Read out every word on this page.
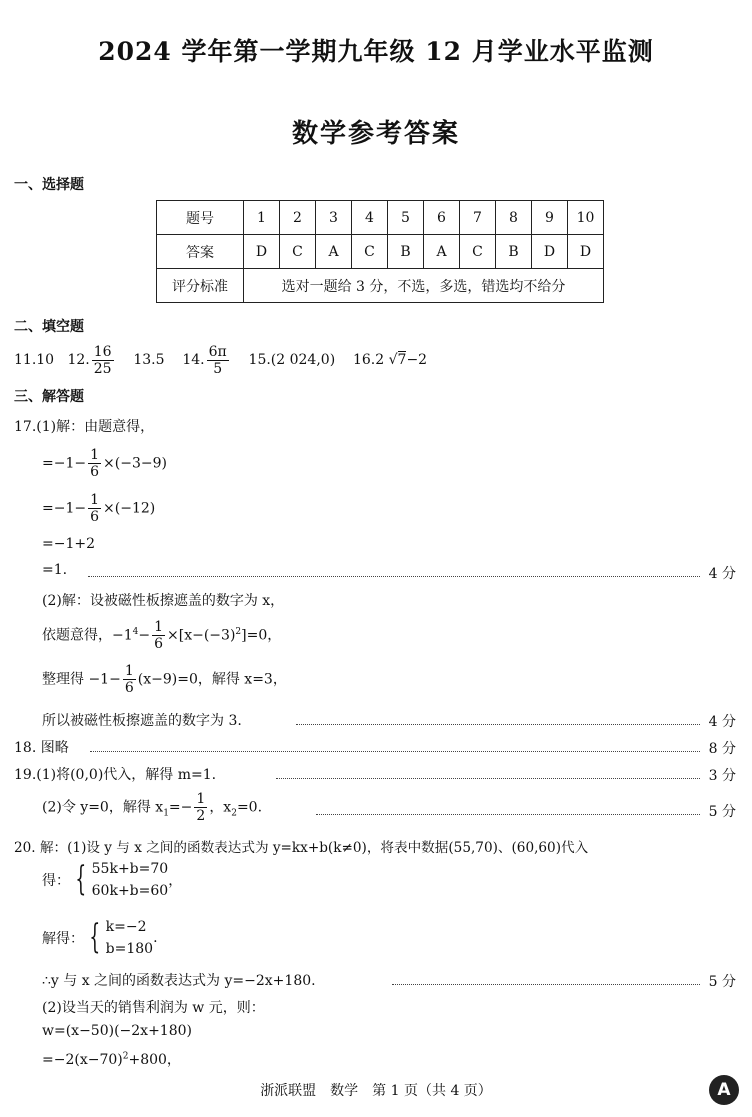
2024 学年第一学期九年级 12 月学业水平监测
数学参考答案
一、选择题
题号	1	2	3	4	5	6	7	8	9	10
答案	D	C	A	C	B	A	C	B	D	D
评分标准	选对一题给 3 分，不选，多选，错选均不给分									
二、填空题
11.10 12. $\frac{16}{25} 13.5$ 14. $\frac{6\pi}{5} 15.(2$ 024,0) 16.2 √7−2
三、解答题
17.(1)解：由题意得，
$=-1- \frac{1}{6} \times(-3-9)$
$=-1- \frac{1}{6} \times(-12)$
=−1+2
=1.	4 分
(2)解：设被磁性板擦遮盖的数字为 x，
依题意得，$-1^4- \frac{1}{6} \times[x-(-3)^2]=0$，
整理得 $-1- \frac{1}{6} (x-9)=0$，解得 x=3，
所以被磁性板擦遮盖的数字为 3.	4 分
18. 图略	8 分
19.(1)将(0,0)代入，解得 m=1.	3 分
(2)令 y=0，解得 $x_1=- \frac{1}{2}$ ，$x_2=0$.	5 分
20. 解：(1)设 y 与 x 之间的函数表达式为 y=kx+b(k≠0)，将表中数据(55,70)、(60,60)代入
得： { 55k+b=70
60k+b=60
，
解得： { k=−2
b=180
.
∴y 与 x 之间的函数表达式为 y=−2x+180.	5 分
(2)设当天的销售利润为 w 元，则：
w=(x−50)(−2x+180)
$=-2(x-70)^2+800$，
浙派联盟　数学　第 1 页（共 4 页）	A
